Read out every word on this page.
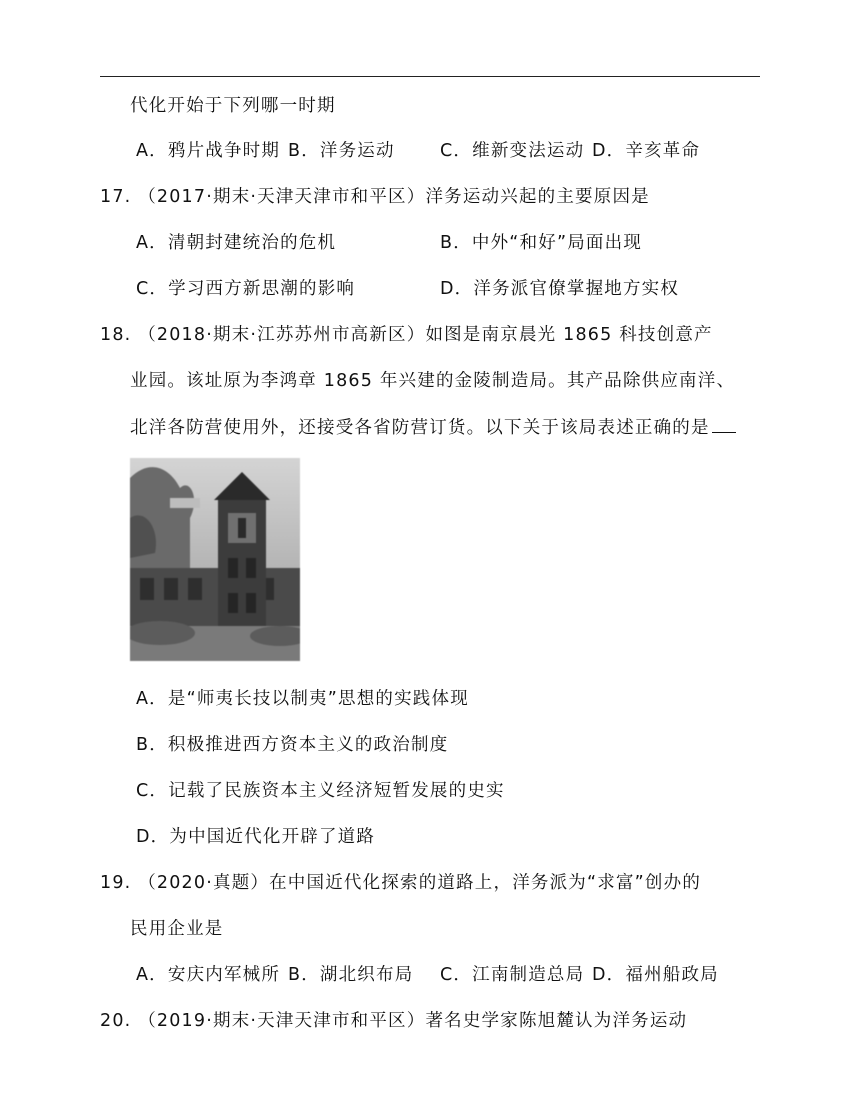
代化开始于下列哪一时期
A．鸦片战争时期 B．洋务运动	C．维新变法运动 D．辛亥革命
17. （2017·期末·天津天津市和平区）洋务运动兴起的主要原因是
A．清朝封建统治的危机	B．中外“和好”局面出现
C．学习西方新思潮的影响	D．洋务派官僚掌握地方实权
18. （2018·期末·江苏苏州市高新区）如图是南京晨光 1865 科技创意产
业园。该址原为李鸿章 1865 年兴建的金陵制造局。其产品除供应南洋、
北洋各防营使用外，还接受各省防营订货。以下关于该局表述正确的是
A．是“师夷长技以制夷”思想的实践体现
B．积极推进西方资本主义的政治制度
C．记载了民族资本主义经济短暂发展的史实
D．为中国近代化开辟了道路
19. （2020·真题）在中国近代化探索的道路上，洋务派为“求富”创办的
民用企业是
A．安庆内军械所 B．湖北织布局 C．江南制造总局 D．福州船政局
20. （2019·期末·天津天津市和平区）著名史学家陈旭麓认为洋务运动
